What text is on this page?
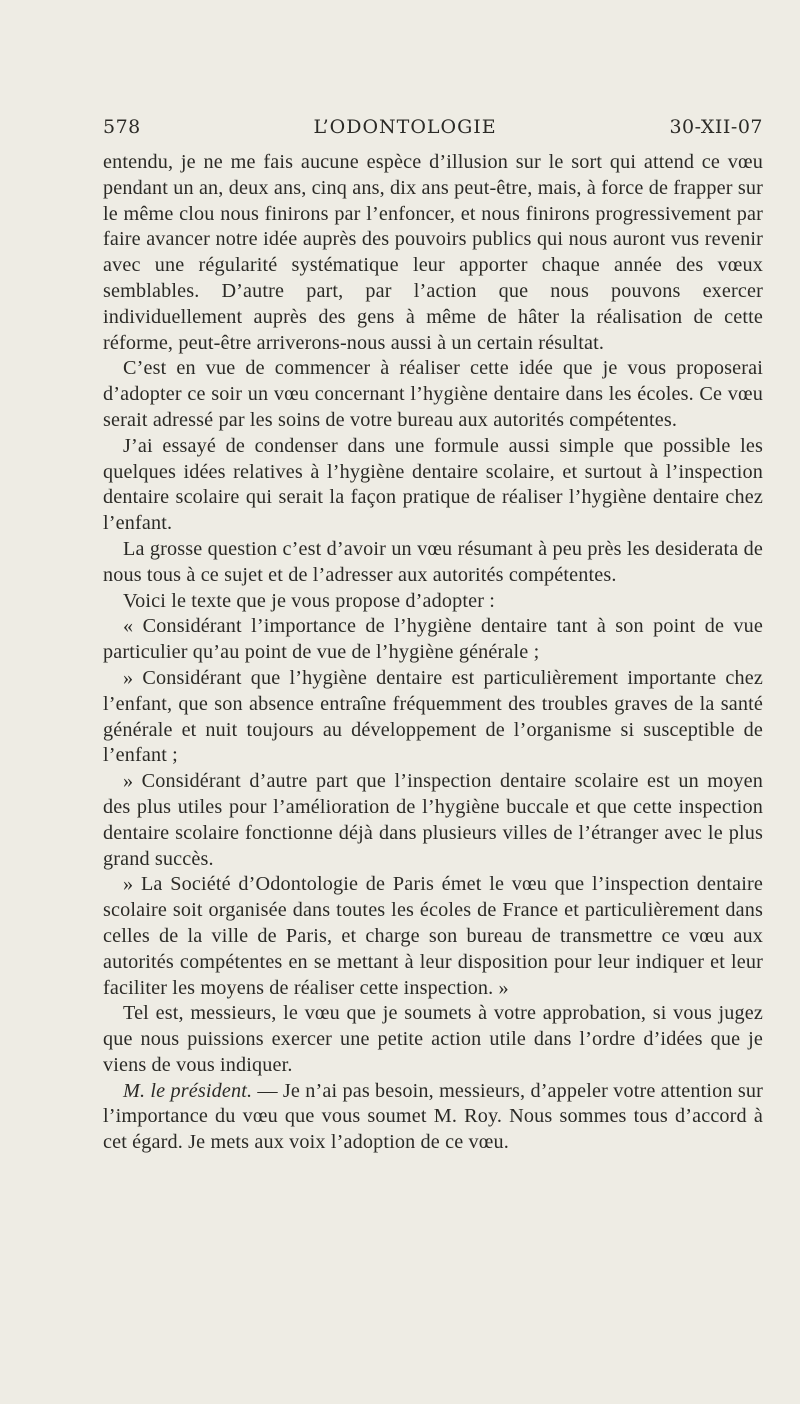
578	L’ODONTOLOGIE	30-XII-07

entendu, je ne me fais aucune espèce d’illusion sur le sort qui attend ce vœu pendant un an, deux ans, cinq ans, dix ans peut-être, mais, à force de frapper sur le même clou nous finirons par l’enfoncer, et nous finirons progressivement par faire avancer notre idée auprès des pouvoirs publics qui nous auront vus revenir avec une régularité systématique leur apporter chaque année des vœux semblables. D’autre part, par l’action que nous pouvons exercer individuellement auprès des gens à même de hâter la réalisation de cette réforme, peut-être arriverons-nous aussi à un certain résultat.

C’est en vue de commencer à réaliser cette idée que je vous proposerai d’adopter ce soir un vœu concernant l’hygiène dentaire dans les écoles. Ce vœu serait adressé par les soins de votre bureau aux autorités compétentes.

J’ai essayé de condenser dans une formule aussi simple que possible les quelques idées relatives à l’hygiène dentaire scolaire, et surtout à l’inspection dentaire scolaire qui serait la façon pratique de réaliser l’hygiène dentaire chez l’enfant.

La grosse question c’est d’avoir un vœu résumant à peu près les desiderata de nous tous à ce sujet et de l’adresser aux autorités compétentes.

Voici le texte que je vous propose d’adopter :

« Considérant l’importance de l’hygiène dentaire tant à son point de vue particulier qu’au point de vue de l’hygiène générale ;

» Considérant que l’hygiène dentaire est particulièrement importante chez l’enfant, que son absence entraîne fréquemment des troubles graves de la santé générale et nuit toujours au développement de l’organisme si susceptible de l’enfant ;

» Considérant d’autre part que l’inspection dentaire scolaire est un moyen des plus utiles pour l’amélioration de l’hygiène buccale et que cette inspection dentaire scolaire fonctionne déjà dans plusieurs villes de l’étranger avec le plus grand succès.

» La Société d’Odontologie de Paris émet le vœu que l’inspection dentaire scolaire soit organisée dans toutes les écoles de France et particulièrement dans celles de la ville de Paris, et charge son bureau de transmettre ce vœu aux autorités compétentes en se mettant à leur disposition pour leur indiquer et leur faciliter les moyens de réaliser cette inspection. »

Tel est, messieurs, le vœu que je soumets à votre approbation, si vous jugez que nous puissions exercer une petite action utile dans l’ordre d’idées que je viens de vous indiquer.

M. le président. — Je n’ai pas besoin, messieurs, d’appeler votre attention sur l’importance du vœu que vous soumet M. Roy. Nous sommes tous d’accord à cet égard. Je mets aux voix l’adoption de ce vœu.
